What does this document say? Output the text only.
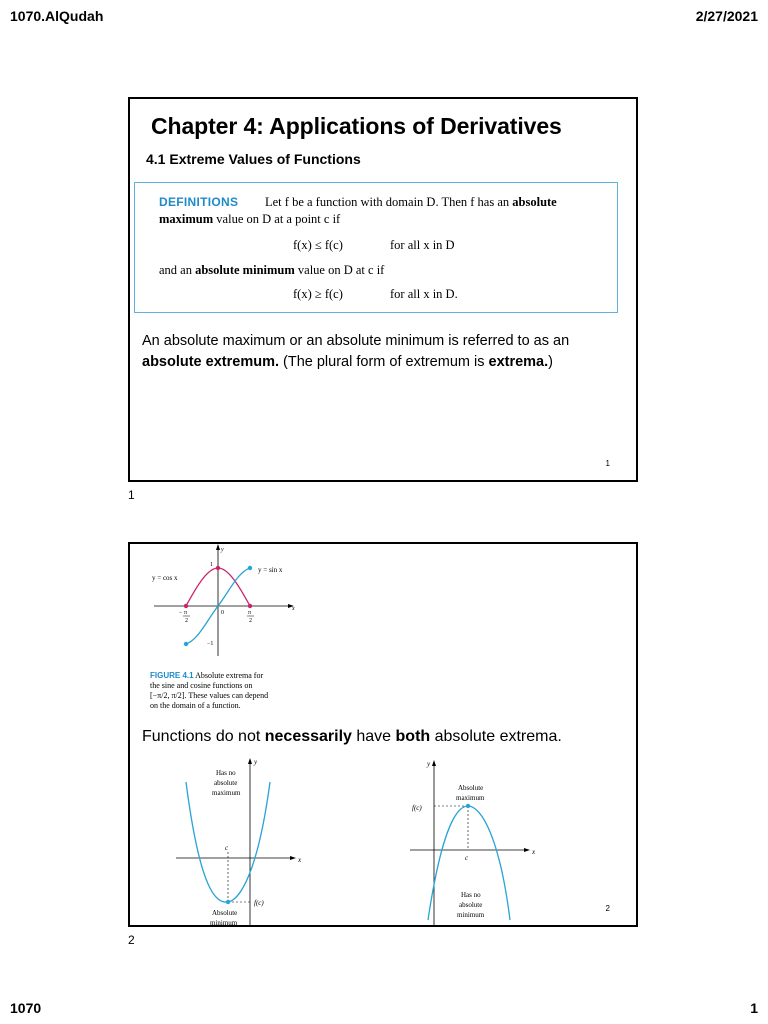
1070.AlQudah	2/27/2021
Chapter 4: Applications of Derivatives
4.1 Extreme Values of Functions
DEFINITIONS Let f be a function with domain D. Then f has an absolute
maximum value on D at a point c if
f(x) ≤ f(c)	for all x in D
and an absolute minimum value on D at c if
f(x) ≥ f(c)	for all x in D.
An absolute maximum or an absolute minimum is referred to as an
absolute extremum. (The plural form of extremum is extrema.)
1
1
y = cos x
y = sin x
y
x
1
−1
0
− π
2
π
2
FIGURE 4.1 Absolute extrema for
the sine and cosine functions on
[−π/2, π/2]. These values can depend
on the domain of a function.
Functions do not necessarily have both absolute extrema.
y
x
Has no
absolute
maximum
c
f(c)
Absolute
minimum
y
x
Absolute
maximum
f(c)
c
Has no
absolute
minimum
2
2
1070	1
